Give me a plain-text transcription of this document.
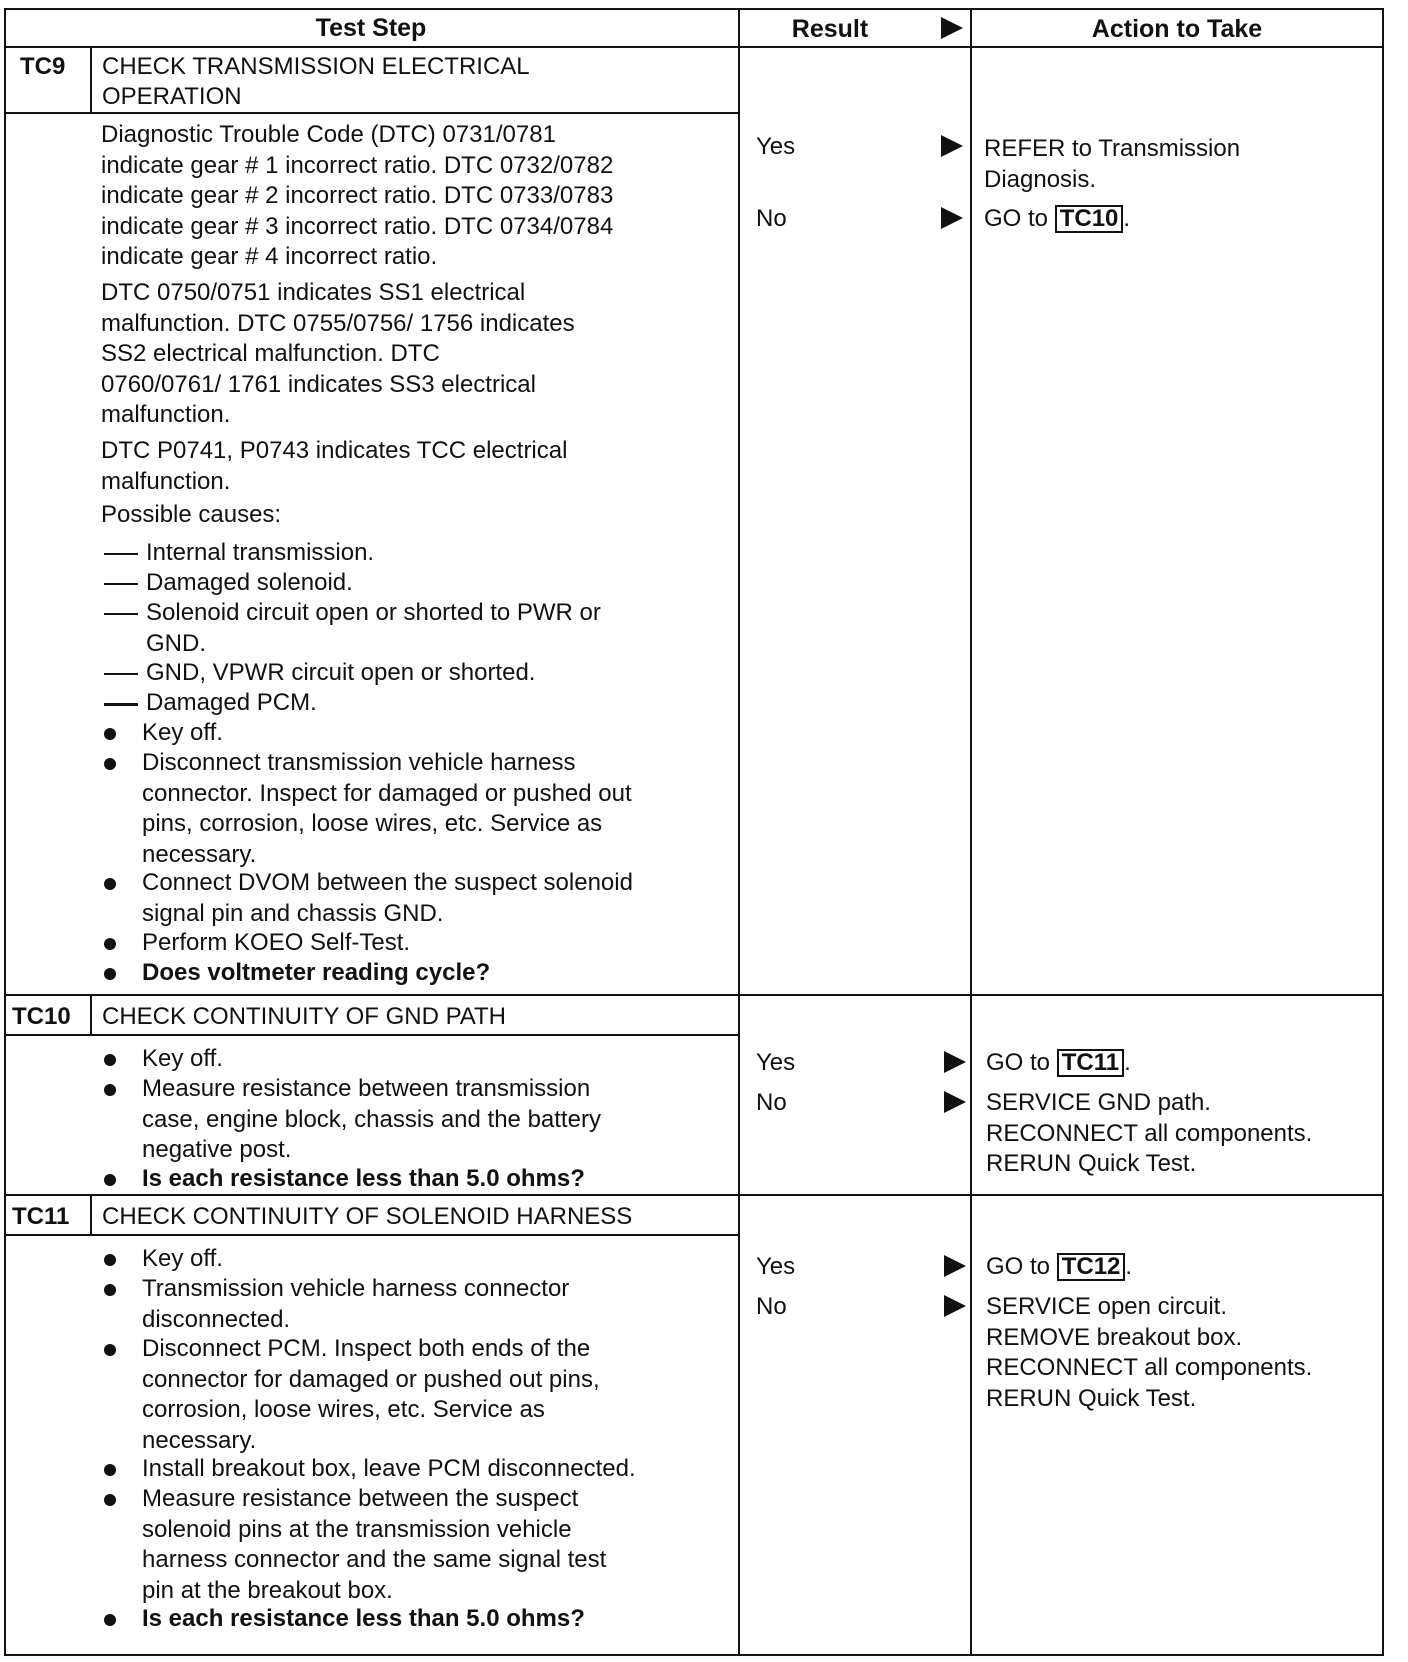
Test Step	Result	Action to Take
TC9 CHECK TRANSMISSION ELECTRICAL
OPERATION
Diagnostic Trouble Code (DTC) 0731/0781
indicate gear # 1 incorrect ratio. DTC 0732/0782
indicate gear # 2 incorrect ratio. DTC 0733/0783
indicate gear # 3 incorrect ratio. DTC 0734/0784
indicate gear # 4 incorrect ratio.
DTC 0750/0751 indicates SS1 electrical
malfunction. DTC 0755/0756/ 1756 indicates
SS2 electrical malfunction. DTC
0760/0761/ 1761 indicates SS3 electrical
malfunction.
DTC P0741, P0743 indicates TCC electrical
malfunction.
Possible causes:
Internal transmission.
Damaged solenoid.
Solenoid circuit open or shorted to PWR or
GND.
GND, VPWR circuit open or shorted.
Damaged PCM.
Key off.
Disconnect transmission vehicle harness
connector. Inspect for damaged or pushed out
pins, corrosion, loose wires, etc. Service as
necessary.
Connect DVOM between the suspect solenoid
signal pin and chassis GND.
Perform KOEO Self-Test.
Does voltmeter reading cycle?
Yes
No
REFER to Transmission
Diagnosis.
GO to TC10 .
TC10 CHECK CONTINUITY OF GND PATH
Key off.
Measure resistance between transmission
case, engine block, chassis and the battery
negative post.
Is each resistance less than 5.0 ohms?
Yes
No
GO to TC11 .
SERVICE GND path.
RECONNECT all components.
RERUN Quick Test.
TC11 CHECK CONTINUITY OF SOLENOID HARNESS
Key off.
Transmission vehicle harness connector
disconnected.
Disconnect PCM. Inspect both ends of the
connector for damaged or pushed out pins,
corrosion, loose wires, etc. Service as
necessary.
Install breakout box, leave PCM disconnected.
Measure resistance between the suspect
solenoid pins at the transmission vehicle
harness connector and the same signal test
pin at the breakout box.
Is each resistance less than 5.0 ohms?
Yes
No
GO to TC12 .
SERVICE open circuit.
REMOVE breakout box.
RECONNECT all components.
RERUN Quick Test.
